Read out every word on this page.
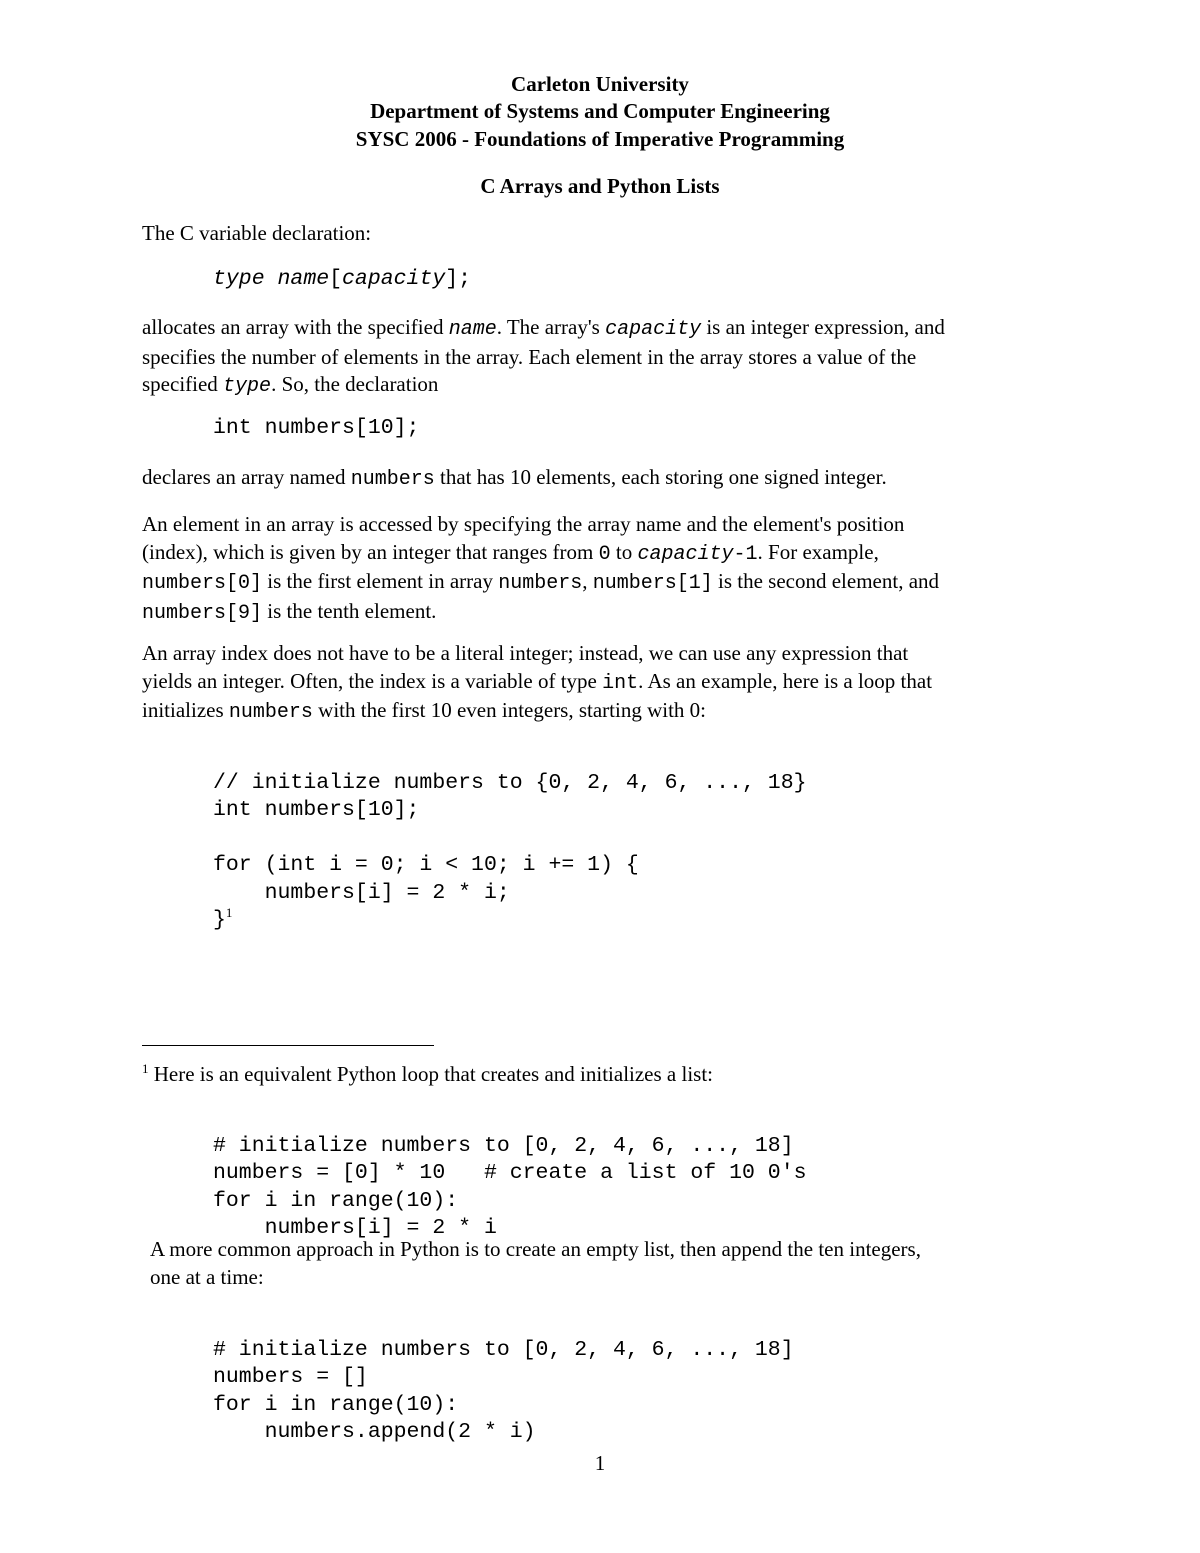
Carleton University
Department of Systems and Computer Engineering
SYSC 2006 - Foundations of Imperative Programming
C Arrays and Python Lists
The C variable declaration:
type name[capacity];
allocates an array with the specified name. The array's capacity is an integer expression, and
specifies the number of elements in the array. Each element in the array stores a value of the
specified type. So, the declaration
int numbers[10];
declares an array named numbers that has 10 elements, each storing one signed integer.
An element in an array is accessed by specifying the array name and the element's position
(index), which is given by an integer that ranges from 0 to capacity-1. For example,
numbers[0] is the first element in array numbers, numbers[1] is the second element, and
numbers[9] is the tenth element.
An array index does not have to be a literal integer; instead, we can use any expression that
yields an integer. Often, the index is a variable of type int. As an example, here is a loop that
initializes numbers with the first 10 even integers, starting with 0:

// initialize numbers to {0, 2, 4, 6, ..., 18}
int numbers[10];

for (int i = 0; i < 10; i += 1) {
numbers[i] = 2 * i;
}$^1$

$^1$ Here is an equivalent Python loop that creates and initializes a list:

# initialize numbers to [0, 2, 4, 6, ..., 18]
numbers = [0] * 10   # create a list of 10 0's
for i in range(10):
numbers[i] = 2 * i

A more common approach in Python is to create an empty list, then append the ten integers,
one at a time:

# initialize numbers to [0, 2, 4, 6, ..., 18]
numbers = []
for i in range(10):
numbers.append(2 * i)

1
